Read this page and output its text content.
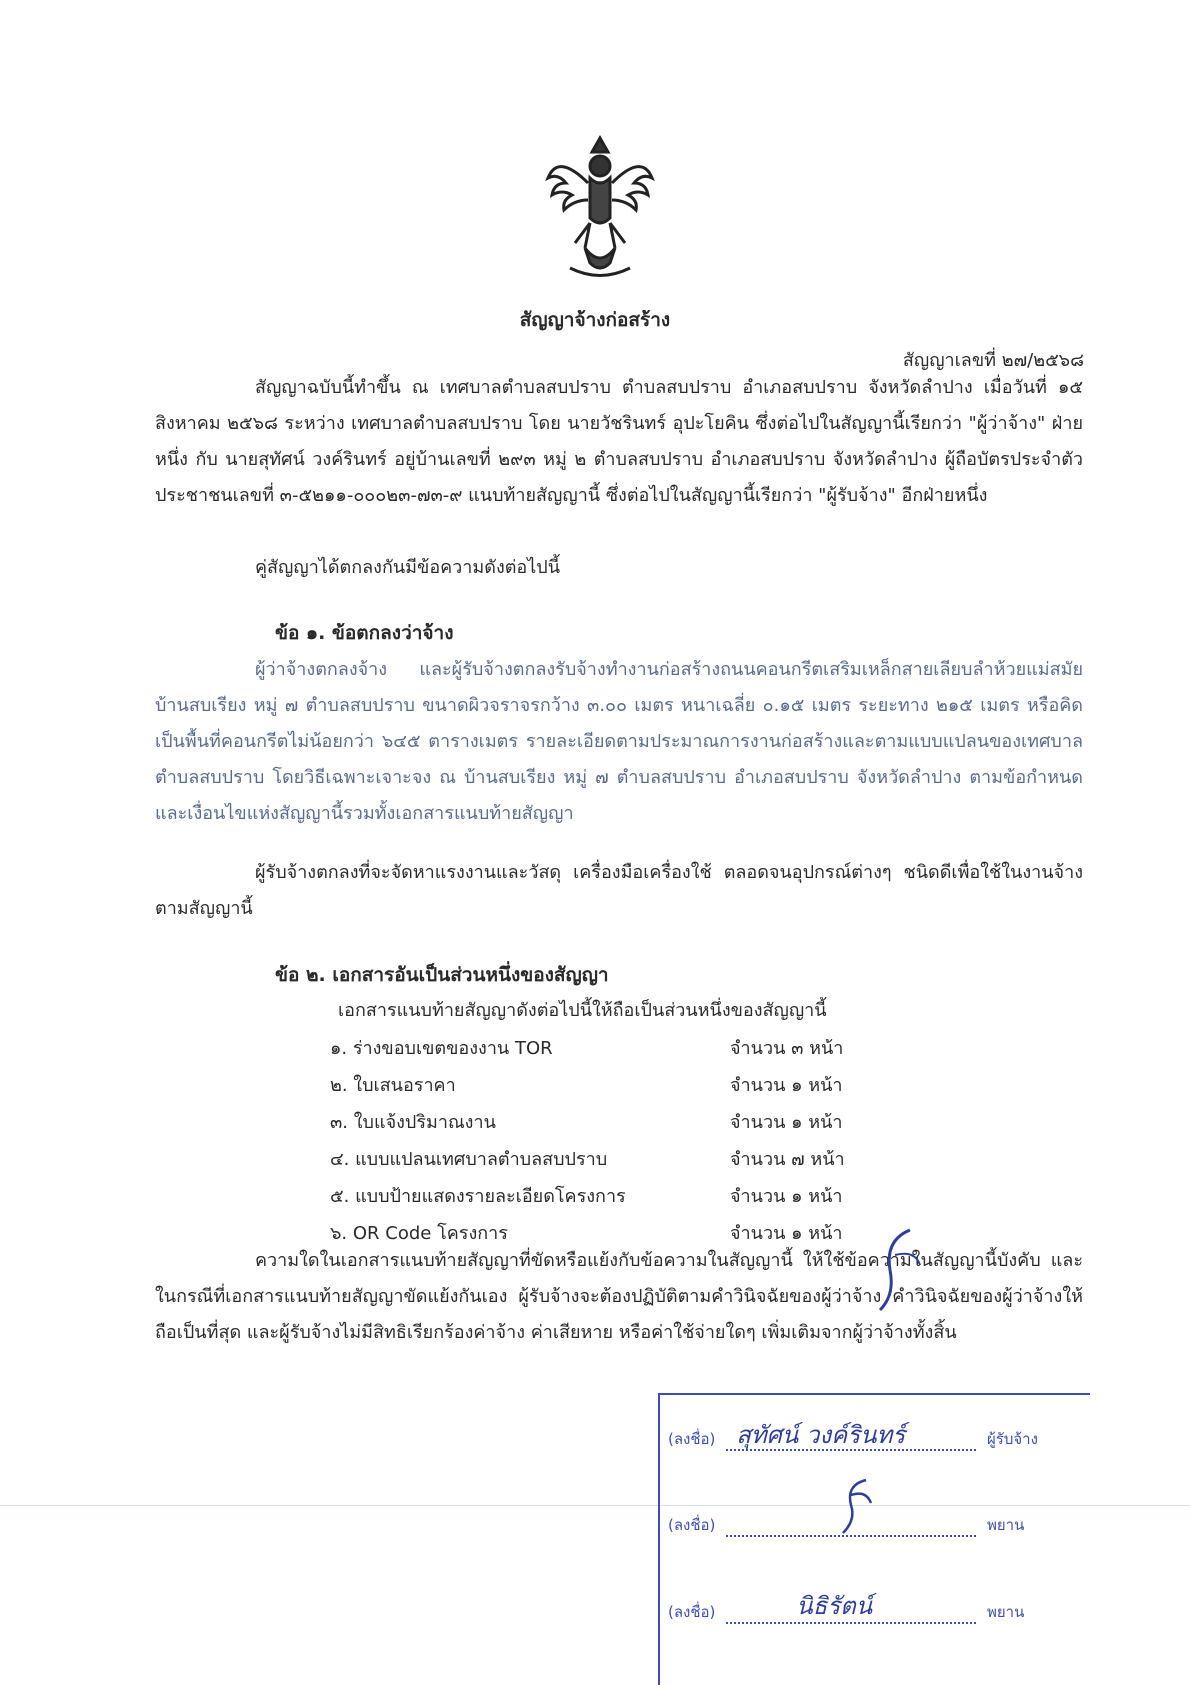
สัญญาจ้างก่อสร้าง
สัญญาเลขที่ ๒๗/๒๕๖๘
สัญญาฉบับนี้ทำขึ้น ณ เทศบาลตำบลสบปราบ ตำบลสบปราบ อำเภอสบปราบ จังหวัดลำปาง เมื่อวันที่ ๑๕ สิงหาคม ๒๕๖๘ ระหว่าง เทศบาลตำบลสบปราบ โดย นายวัชรินทร์ อุปะโยคิน ซึ่งต่อไปในสัญญานี้เรียกว่า "ผู้ว่าจ้าง" ฝ่ายหนึ่ง กับ นายสุทัศน์ วงค์รินทร์ อยู่บ้านเลขที่ ๒๙๓ หมู่ ๒ ตำบลสบปราบ อำเภอสบปราบ จังหวัดลำปาง ผู้ถือบัตรประจำตัวประชาชนเลขที่ ๓-๕๒๑๑-๐๐๐๒๓-๗๓-๙ แนบท้ายสัญญานี้ ซึ่งต่อไปในสัญญานี้เรียกว่า "ผู้รับจ้าง" อีกฝ่ายหนึ่ง
คู่สัญญาได้ตกลงกันมีข้อความดังต่อไปนี้
ข้อ ๑. ข้อตกลงว่าจ้าง
ผู้ว่าจ้างตกลงจ้าง และผู้รับจ้างตกลงรับจ้างทำงานก่อสร้างถนนคอนกรีตเสริมเหล็กสายเลียบลำห้วยแม่สมัย บ้านสบเรียง หมู่ ๗ ตำบลสบปราบ ขนาดผิวจราจรกว้าง ๓.๐๐ เมตร หนาเฉลี่ย ๐.๑๕ เมตร ระยะทาง ๒๑๕ เมตร หรือคิดเป็นพื้นที่คอนกรีตไม่น้อยกว่า ๖๔๕ ตารางเมตร รายละเอียดตามประมาณการงานก่อสร้างและตามแบบแปลนของเทศบาลตำบลสบปราบ โดยวิธีเฉพาะเจาะจง ณ บ้านสบเรียง หมู่ ๗ ตำบลสบปราบ อำเภอสบปราบ จังหวัดลำปาง ตามข้อกำหนดและเงื่อนไขแห่งสัญญานี้รวมทั้งเอกสารแนบท้ายสัญญา
ผู้รับจ้างตกลงที่จะจัดหาแรงงานและวัสดุ เครื่องมือเครื่องใช้ ตลอดจนอุปกรณ์ต่างๆ ชนิดดีเพื่อใช้ในงานจ้างตามสัญญานี้
ข้อ ๒. เอกสารอันเป็นส่วนหนึ่งของสัญญา
เอกสารแนบท้ายสัญญาดังต่อไปนี้ให้ถือเป็นส่วนหนึ่งของสัญญานี้
๑. ร่างขอบเขตของงาน TOR	จำนวน ๓ หน้า
๒. ใบเสนอราคา	จำนวน ๑ หน้า
๓. ใบแจ้งปริมาณงาน	จำนวน ๑ หน้า
๔. แบบแปลนเทศบาลตำบลสบปราบ	จำนวน ๗ หน้า
๕. แบบป้ายแสดงรายละเอียดโครงการ	จำนวน ๑ หน้า
๖. OR Code โครงการ	จำนวน ๑ หน้า
ความใดในเอกสารแนบท้ายสัญญาที่ขัดหรือแย้งกับข้อความในสัญญานี้ ให้ใช้ข้อความในสัญญานี้บังคับ และในกรณีที่เอกสารแนบท้ายสัญญาขัดแย้งกันเอง ผู้รับจ้างจะต้องปฏิบัติตามคำวินิจฉัยของผู้ว่าจ้าง คำวินิจฉัยของผู้ว่าจ้างให้ถือเป็นที่สุด และผู้รับจ้างไม่มีสิทธิเรียกร้องค่าจ้าง ค่าเสียหาย หรือค่าใช้จ่ายใดๆ เพิ่มเติมจากผู้ว่าจ้างทั้งสิ้น
(ลงชื่อ) สุทัศน์ วงค์รินทร์	ผู้รับจ้าง
(ลงชื่อ)	พยาน
(ลงชื่อ)	นิธิรัตน์	พยาน
